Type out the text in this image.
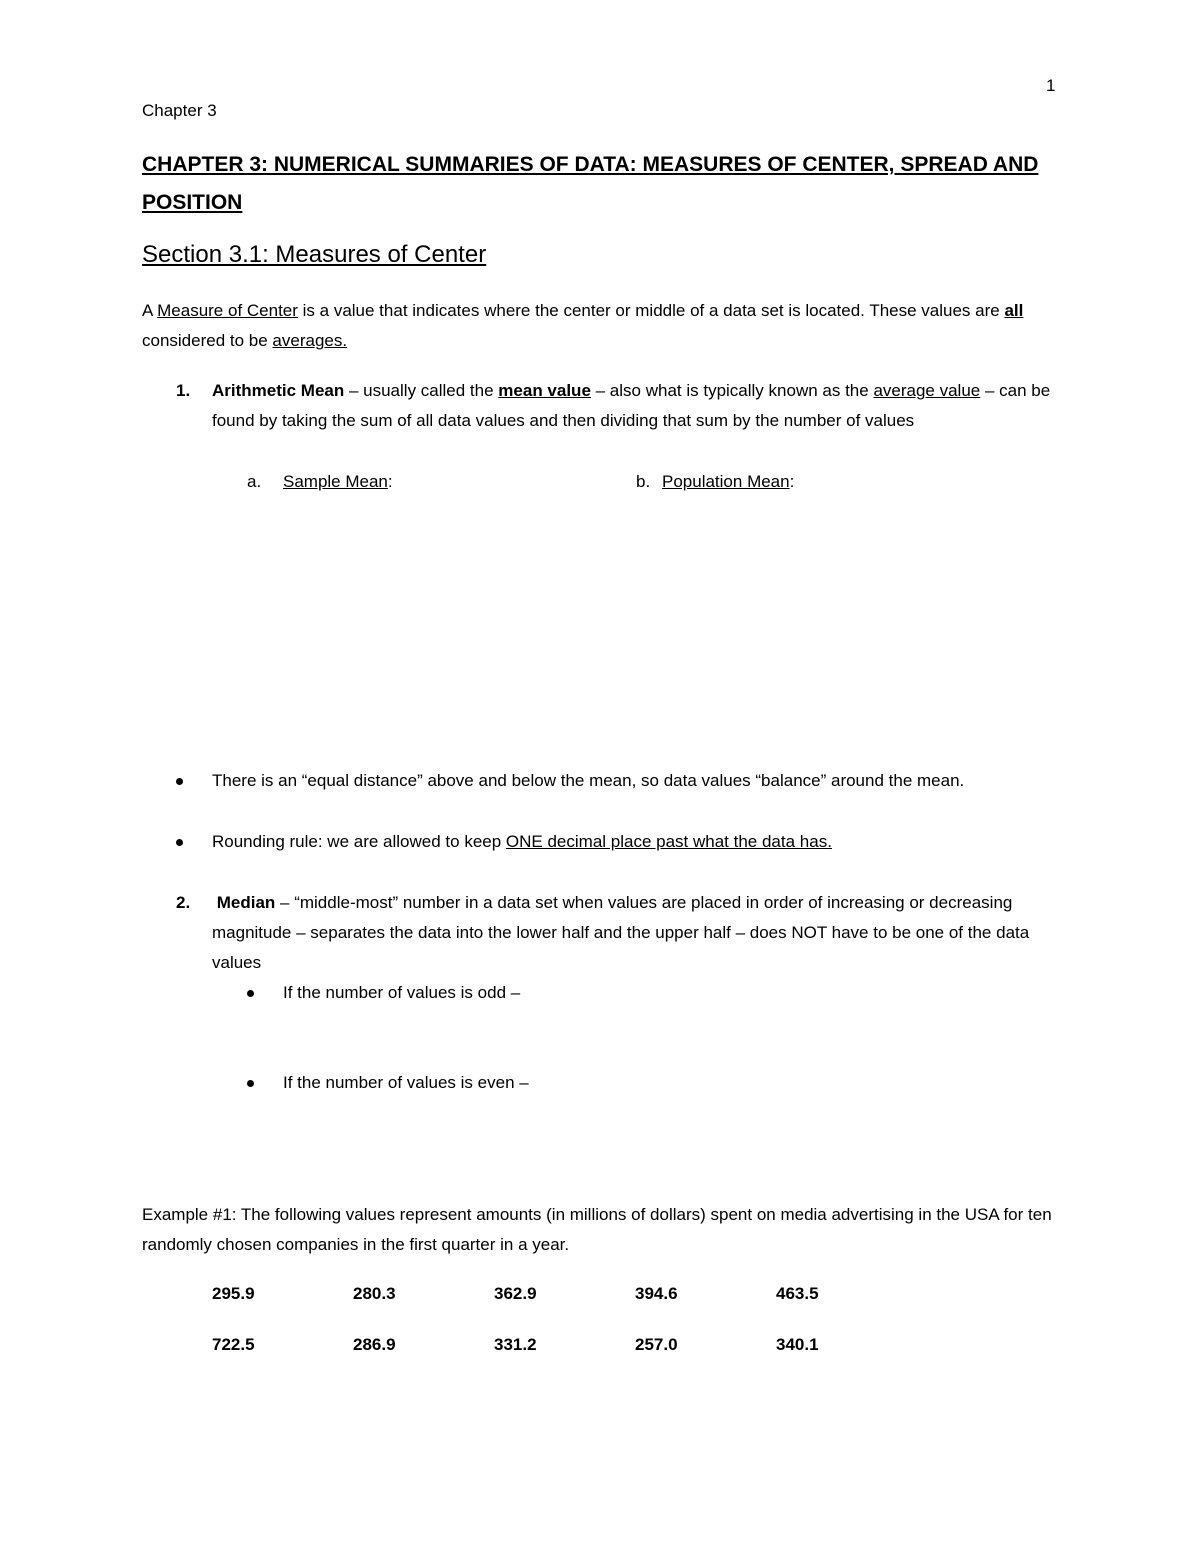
1
Chapter 3
CHAPTER 3: NUMERICAL SUMMARIES OF DATA: MEASURES OF CENTER, SPREAD AND POSITION
Section 3.1: Measures of Center
A Measure of Center is a value that indicates where the center or middle of a data set is located. These values are all considered to be averages.
1. Arithmetic Mean – usually called the mean value – also what is typically known as the average value – can be found by taking the sum of all data values and then dividing that sum by the number of values
a. Sample Mean:	b. Population Mean:
There is an “equal distance” above and below the mean, so data values “balance” around the mean.
Rounding rule: we are allowed to keep ONE decimal place past what the data has.
2. Median – “middle-most” number in a data set when values are placed in order of increasing or decreasing magnitude – separates the data into the lower half and the upper half – does NOT have to be one of the data values
If the number of values is odd –
If the number of values is even –
Example #1: The following values represent amounts (in millions of dollars) spent on media advertising in the USA for ten randomly chosen companies in the first quarter in a year.
295.9	280.3	362.9	394.6	463.5
722.5	286.9	331.2	257.0	340.1
